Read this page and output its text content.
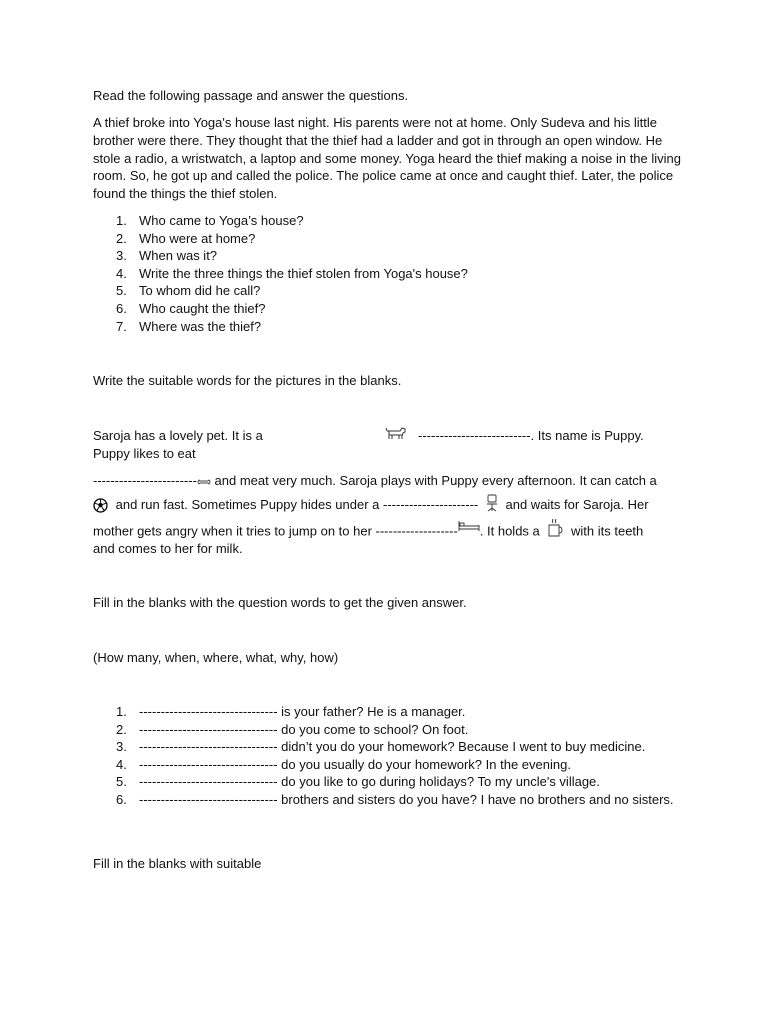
Read the following passage and answer the questions.

A thief broke into Yoga's house last night. His parents were not at home. Only Sudeva and his little brother were there. They thought that the thief had a ladder and got in through an open window. He stole a radio, a wristwatch, a laptop and some money. Yoga heard the thief making a noise in the living room. So, he got up and called the police. The police came at once and caught thief. Later, the police found the things the thief stolen.

1. Who came to Yoga’s house?
2. Who were at home?
3. When was it?
4. Write the three things the thief stolen from Yoga's house?
5. To whom did he call?
6. Who caught the thief?
7. Where was the thief?

Write the suitable words for the pictures in the blanks.

Saroja has a lovely pet. It is a	--------------------------. Its name is Puppy.

Puppy likes to eat

------------------------ and meat very much. Saroja plays with Puppy every afternoon. It can catch a
and run fast. Sometimes Puppy hides under a ---------------------- and waits for Saroja. Her
mother gets angry when it tries to jump on to her ------------------- . It holds a with its teeth

and comes to her for milk.

Fill in the blanks with the question words to get the given answer.

(How many, when, where, what, why, how)

1. -------------------------------- is your father? He is a manager.
2. -------------------------------- do you come to school? On foot.
3. -------------------------------- didn’t you do your homework? Because I went to buy medicine.
4. -------------------------------- do you usually do your homework? In the evening.
5. -------------------------------- do you like to go during holidays? To my uncle's village.
6. -------------------------------- brothers and sisters do you have? I have no brothers and no sisters.

Fill in the blanks with suitable
